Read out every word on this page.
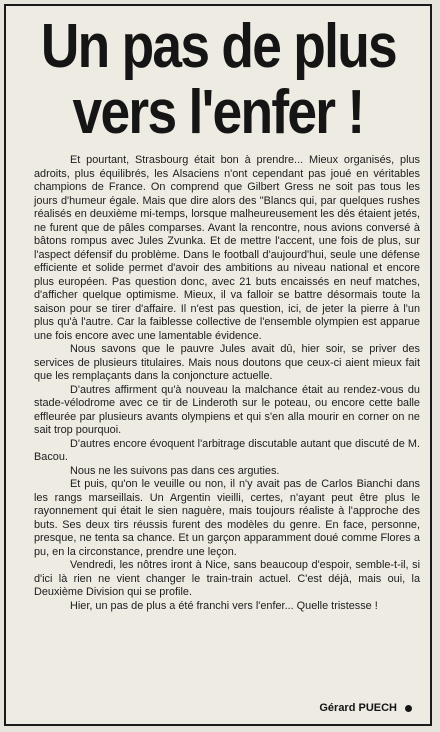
Un pas de plus
vers l'enfer !

Et pourtant, Strasbourg était bon à prendre... Mieux organisés, plus adroits, plus équilibrés, les Alsaciens n'ont cependant pas joué en véritables champions de France. On comprend que Gilbert Gress ne soit pas tous les jours d'humeur égale. Mais que dire alors des "Blancs qui, par quelques rushes réalisés en deuxième mi-temps, lorsque malheureusement les dés étaient jetés, ne furent que de pâles comparses. Avant la rencontre, nous avions conversé à bâtons rompus avec Jules Zvunka. Et de mettre l'accent, une fois de plus, sur l'aspect défensif du problème. Dans le football d'aujourd'hui, seule une défense efficiente et solide permet d'avoir des ambitions au niveau national et encore plus européen. Pas question donc, avec 21 buts encaissés en neuf matches, d'afficher quelque optimisme. Mieux, il va falloir se battre désormais toute la saison pour se tirer d'affaire. Il n'est pas question, ici, de jeter la pierre à l'un plus qu'à l'autre. Car la faiblesse collective de l'ensemble olympien est apparue une fois encore avec une lamentable évidence.

Nous savons que le pauvre Jules avait dû, hier soir, se priver des services de plusieurs titulaires. Mais nous doutons que ceux-ci aient mieux fait que les remplaçants dans la conjoncture actuelle.

D'autres affirment qu'à nouveau la malchance était au rendez-vous du stade-vélodrome avec ce tir de Linderoth sur le poteau, ou encore cette balle effleurée par plusieurs avants olympiens et qui s'en alla mourir en corner on ne sait trop pourquoi.

D'autres encore évoquent l'arbitrage discutable autant que discuté de M. Bacou.

Nous ne les suivons pas dans ces arguties.

Et puis, qu'on le veuille ou non, il n'y avait pas de Carlos Bianchi dans les rangs marseillais. Un Argentin vieilli, certes, n'ayant peut être plus le rayonnement qui était le sien naguère, mais toujours réaliste à l'approche des buts. Ses deux tirs réussis furent des modèles du genre. En face, personne, presque, ne tenta sa chance. Et un garçon apparamment doué comme Flores a pu, en la circonstance, prendre une leçon.

Vendredi, les nôtres iront à Nice, sans beaucoup d'espoir, semble-t-il, si d'ici là rien ne vient changer le train-train actuel. C'est déjà, mais oui, la Deuxième Division qui se profile.

Hier, un pas de plus a été franchi vers l'enfer... Quelle tristesse !

Gérard PUECH
